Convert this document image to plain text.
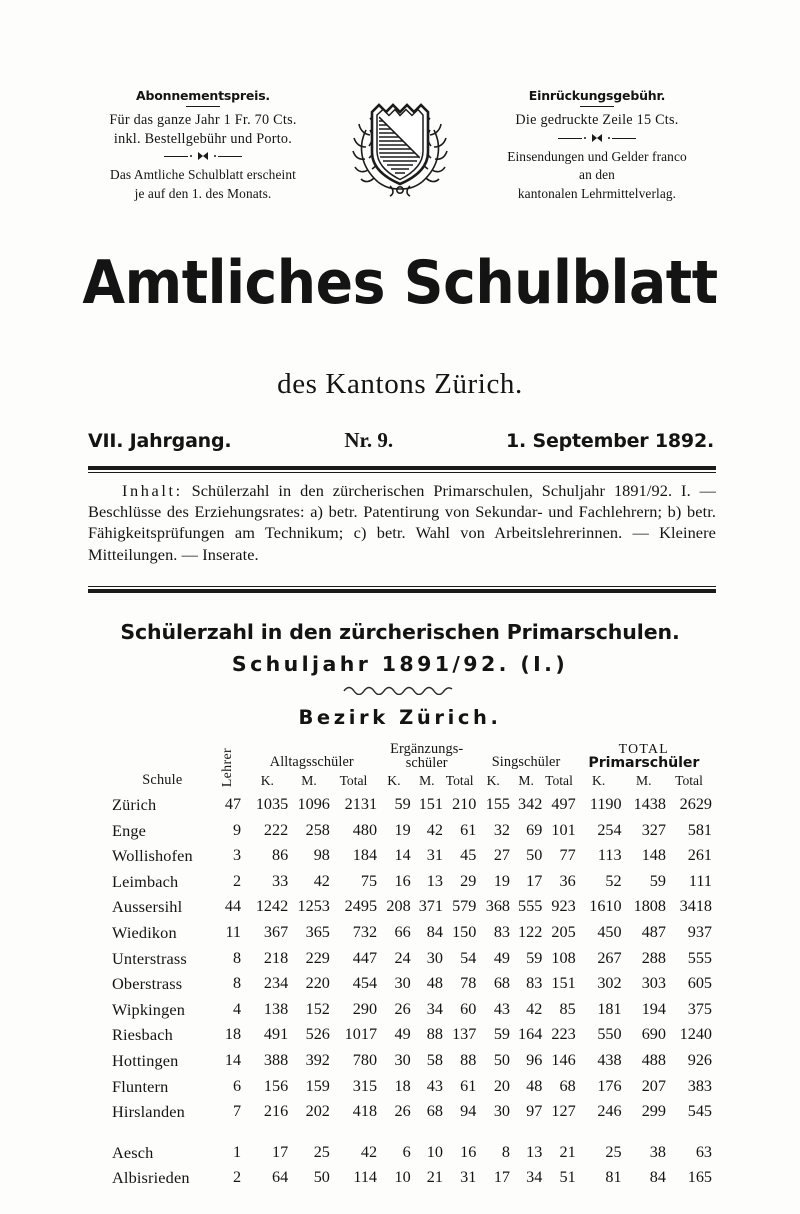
Abonnementspreis.
Für das ganze Jahr 1 Fr. 70 Cts.
inkl. Bestellgebühr und Porto.
Das Amtliche Schulblatt erscheint
je auf den 1. des Monats.
Einrückungsgebühr.
Die gedruckte Zeile 15 Cts.
Einsendungen und Gelder franco
an den
kantonalen Lehrmittelverlag.
Amtliches Schulblatt
des Kantons Zürich.
VII. Jahrgang.	Nr. 9.	1. September 1892.
Inhalt: Schülerzahl in den zürcherischen Primarschulen, Schuljahr 1891/92. I. — Beschlüsse des Erziehungsrates: a) betr. Patentirung von Sekundar- und Fachlehrern; b) betr. Fähigkeitsprüfungen am Technikum; c) betr. Wahl von Arbeitslehrerinnen. — Kleinere Mitteilungen. — Inserate.
Schülerzahl in den zürcherischen Primarschulen.
Schuljahr 1891/92. (I.)
Bezirk Zürich.
Schule	Lehrer		Alltagsschüler	Ergänzungs-
schüler	Singschüler	
TOTAL
Primarschüler

			K.	M.	Total	K.	M.	Total	K.	M.	Total	K.	M.	Total
Zürich	47		1035	1096	2131	59	151	210	155	342	497	1190	1438	2629
Enge	9		222	258	480	19	42	61	32	69	101	254	327	581
Wollishofen	3		86	98	184	14	31	45	27	50	77	113	148	261
Leimbach	2		33	42	75	16	13	29	19	17	36	52	59	111
Aussersihl	44		1242	1253	2495	208	371	579	368	555	923	1610	1808	3418
Wiedikon	11		367	365	732	66	84	150	83	122	205	450	487	937
Unterstrass	8		218	229	447	24	30	54	49	59	108	267	288	555
Oberstrass	8		234	220	454	30	48	78	68	83	151	302	303	605
Wipkingen	4		138	152	290	26	34	60	43	42	85	181	194	375
Riesbach	18		491	526	1017	49	88	137	59	164	223	550	690	1240
Hottingen	14		388	392	780	30	58	88	50	96	146	438	488	926
Fluntern	6		156	159	315	18	43	61	20	48	68	176	207	383
Hirslanden	7		216	202	418	26	68	94	30	97	127	246	299	545

Aesch	1		17	25	42	6	10	16	8	13	21	25	38	63
Albisrieden	2		64	50	114	10	21	31	17	34	51	81	84	165
